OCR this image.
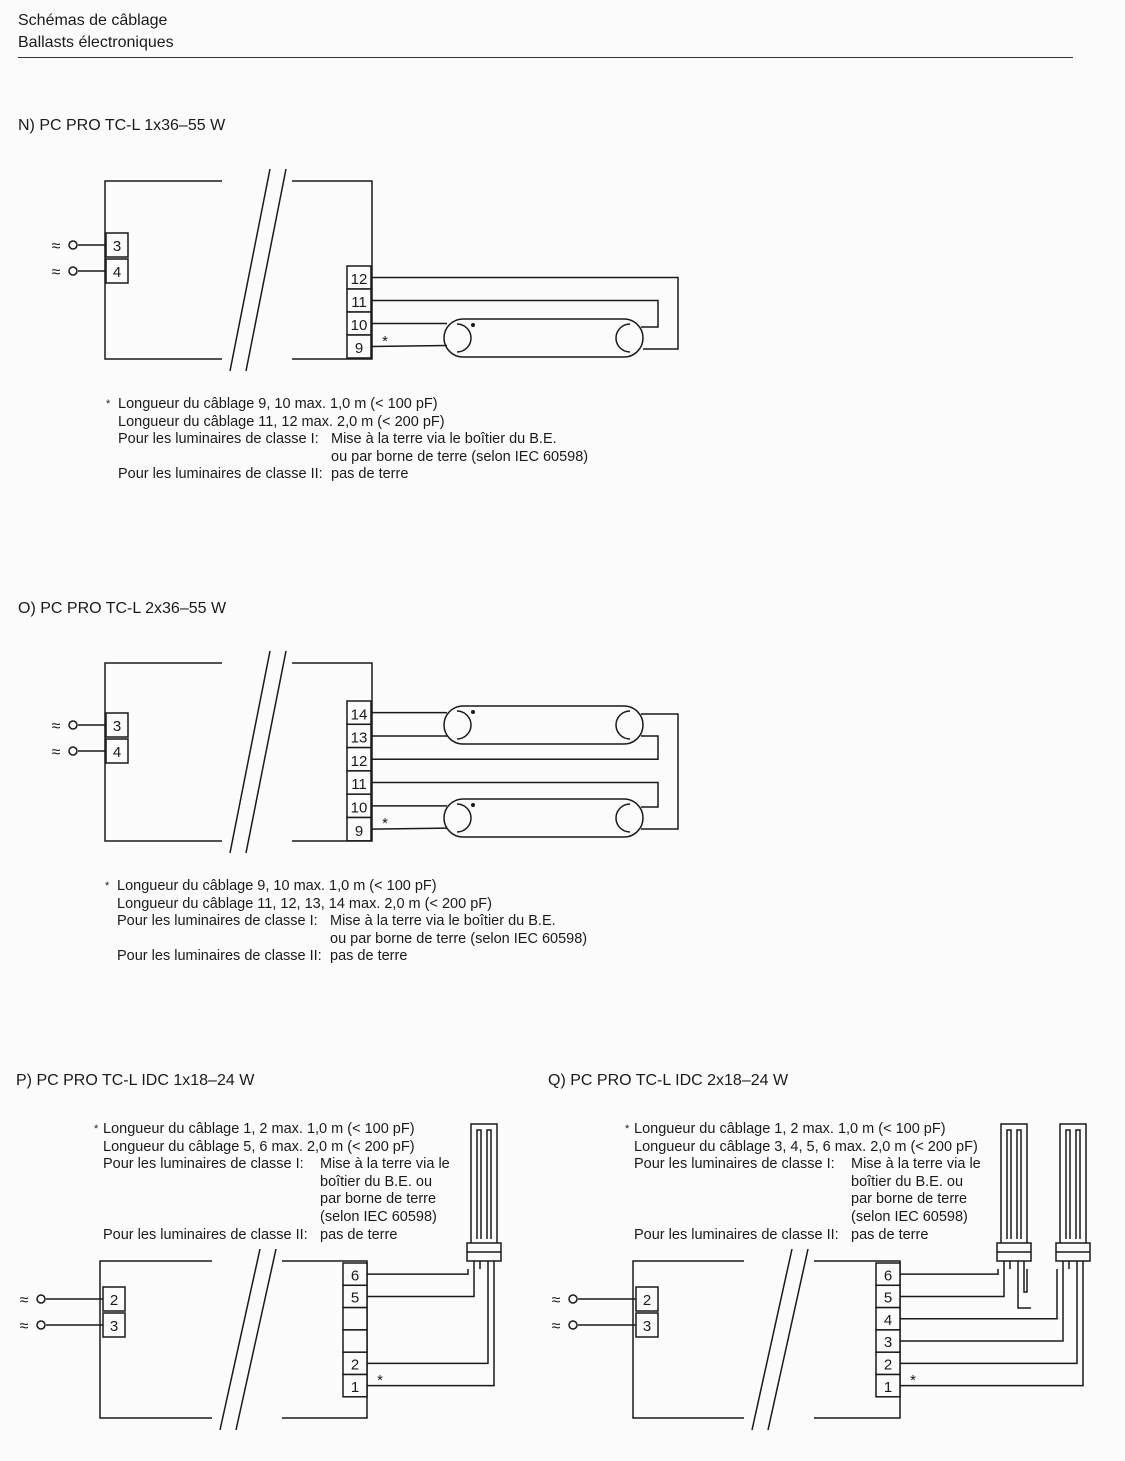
Schémas de câblage
Ballasts électroniques
N) PC PRO TC-L 1x36–55 W
O) PC PRO TC-L 2x36–55 W
P) PC PRO TC-L IDC 1x18–24 W	Q) PC PRO TC-L IDC 2x18–24 W
* Longueur du câblage 9, 10 max. 1,0 m (< 100 pF)
Longueur du câblage 11, 12 max. 2,0 m (< 200 pF)
Pour les luminaires de classe I: Mise à la terre via le boîtier du B.E.
ou par borne de terre (selon IEC 60598)
Pour les luminaires de classe II: pas de terre
* Longueur du câblage 9, 10 max. 1,0 m (< 100 pF)
Longueur du câblage 11, 12, 13, 14 max. 2,0 m (< 200 pF)
Pour les luminaires de classe I: Mise à la terre via le boîtier du B.E.
ou par borne de terre (selon IEC 60598)
Pour les luminaires de classe II: pas de terre
* Longueur du câblage 1, 2 max. 1,0 m (< 100 pF)
Longueur du câblage 5, 6 max. 2,0 m (< 200 pF)
Pour les luminaires de classe I:	Mise à la terre via le
boîtier du B.E. ou
par borne de terre
(selon IEC 60598)
Pour les luminaires de classe II: pas de terre
* Longueur du câblage 1, 2 max. 1,0 m (< 100 pF)
Longueur du câblage 3, 4, 5, 6 max. 2,0 m (< 200 pF)
Pour les luminaires de classe I:	Mise à la terre via le
boîtier du B.E. ou
par borne de terre
(selon IEC 60598)
Pour les luminaires de classe II: pas de terre
3
≈
4
≈	12
11
10
9 *
3
≈
4
≈
14
13
12
11
10
9 *
2
≈
3
≈
6
5
2
1 *
2
≈
3
≈
6
5
4
3
2
1 *
